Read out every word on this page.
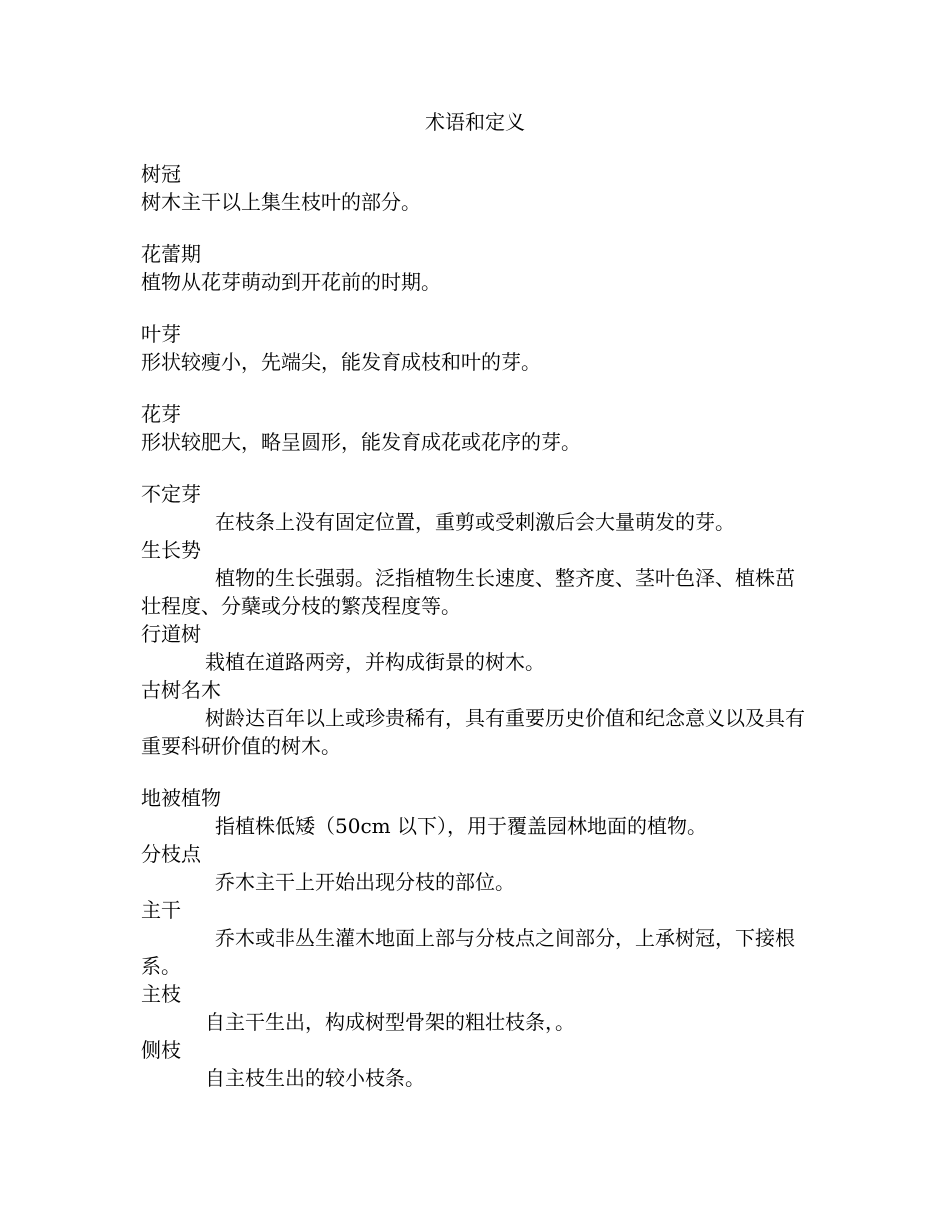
术语和定义
树冠

树木主干以上集生枝叶的部分。

花蕾期

植物从花芽萌动到开花前的时期。

叶芽

形状较瘦小，先端尖，能发育成枝和叶的芽。

花芽

形状较肥大，略呈圆形，能发育成花或花序的芽。

不定芽

在枝条上没有固定位置，重剪或受刺激后会大量萌发的芽。

生长势

植物的生长强弱。泛指植物生长速度、整齐度、茎叶色泽、植株茁壮程度、分蘖或分枝的繁茂程度等。

行道树

栽植在道路两旁，并构成街景的树木。

古树名木

树龄达百年以上或珍贵稀有，具有重要历史价值和纪念意义以及具有重要科研价值的树木。

地被植物

指植株低矮（50cm 以下），用于覆盖园林地面的植物。

分枝点

乔木主干上开始出现分枝的部位。

主干

乔木或非丛生灌木地面上部与分枝点之间部分，上承树冠，下接根系。

主枝

自主干生出，构成树型骨架的粗壮枝条，。

侧枝

自主枝生出的较小枝条。
